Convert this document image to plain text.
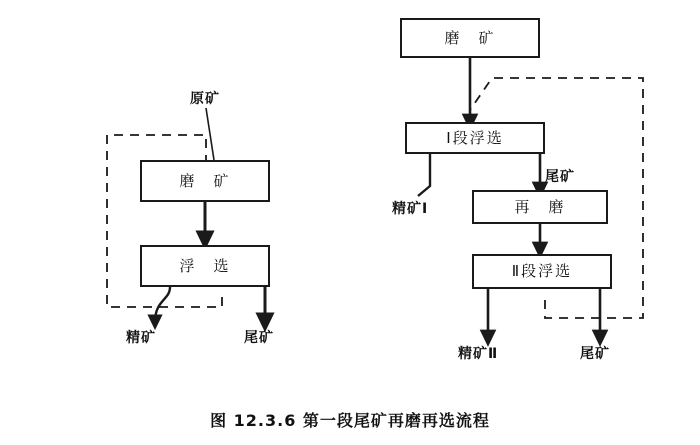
原矿
磨　矿
浮　选
精矿	尾矿
磨　矿
Ⅰ段浮选
尾矿
精矿Ⅰ	再　磨
Ⅱ段浮选
精矿Ⅱ	尾矿
图 12.3.6 第一段尾矿再磨再选流程
